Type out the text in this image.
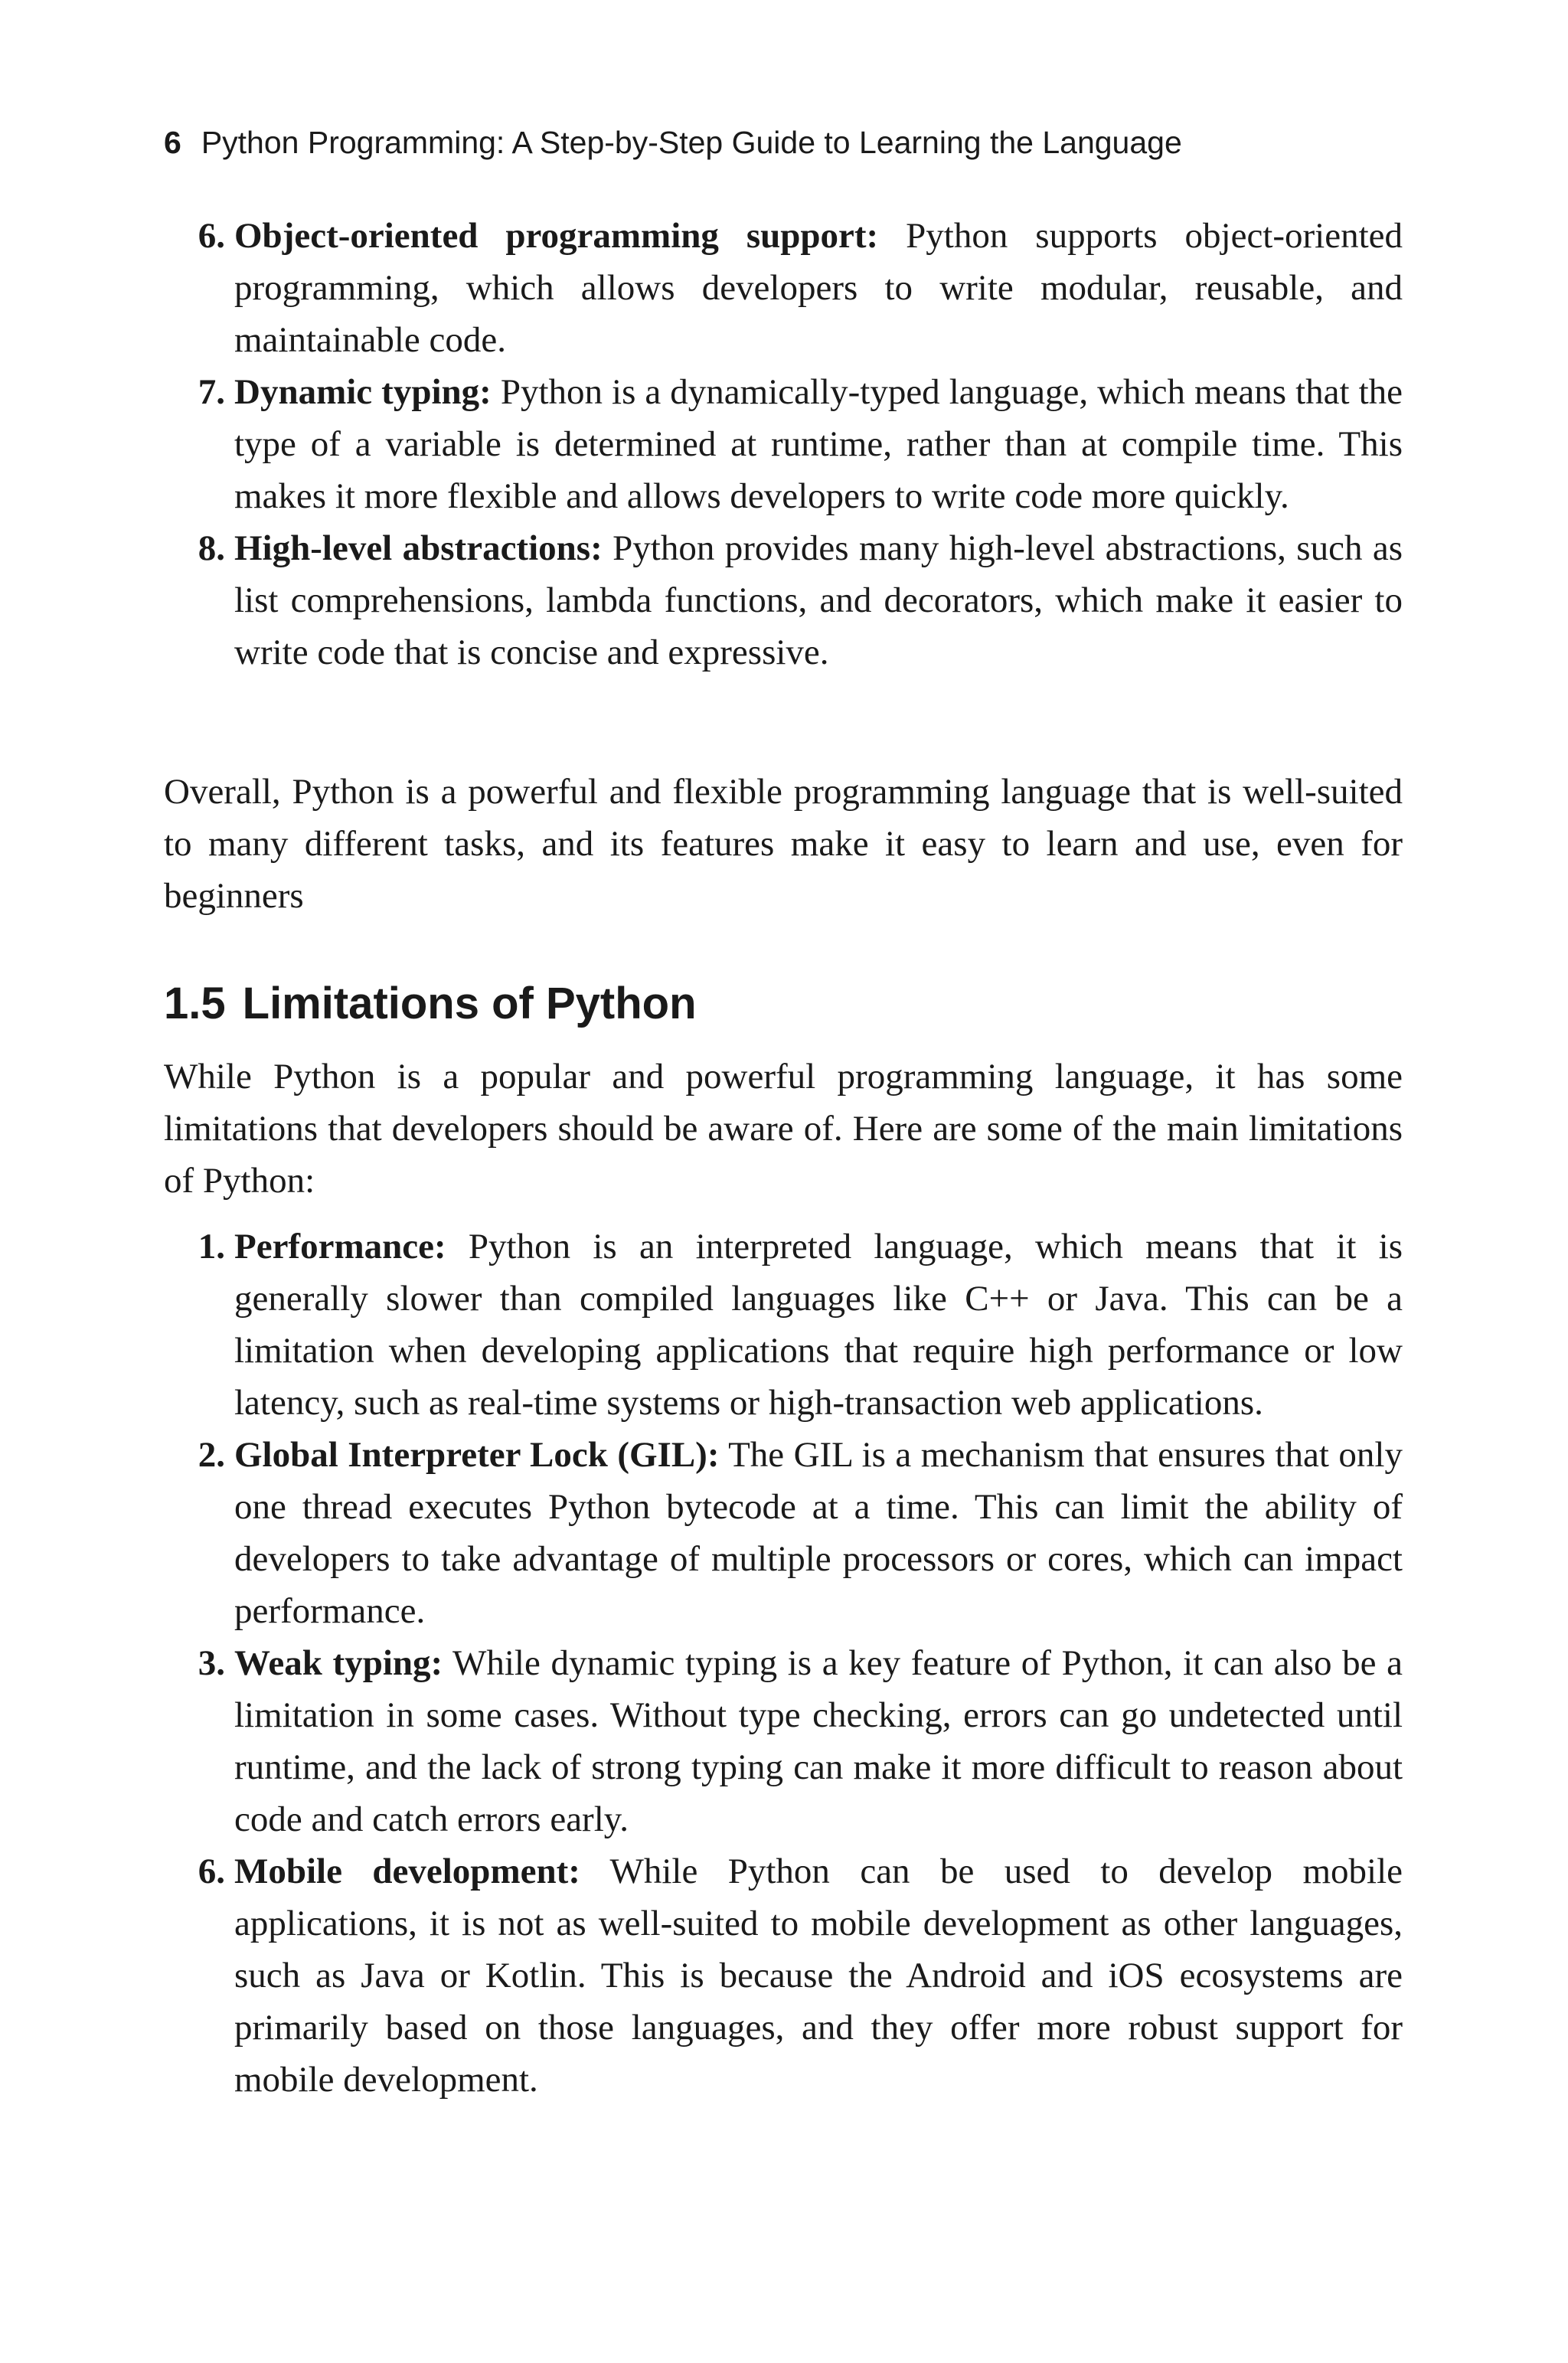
6 Python Programming: A Step-by-Step Guide to Learning the Language
6. Object-oriented programming support: Python supports object-oriented programming, which allows developers to write modular, reusable, and maintainable code.
7. Dynamic typing: Python is a dynamically-typed language, which means that the type of a variable is determined at runtime, rather than at compile time. This makes it more flexible and allows developers to write code more quickly.
8. High-level abstractions: Python provides many high-level abstractions, such as list comprehensions, lambda functions, and decorators, which make it easier to write code that is concise and expressive.

Overall, Python is a powerful and flexible programming language that is well-suited to many different tasks, and its features make it easy to learn and use, even for beginners

1.5 Limitations of Python

While Python is a popular and powerful programming language, it has some limitations that developers should be aware of. Here are some of the main limitations of Python:

1. Performance: Python is an interpreted language, which means that it is generally slower than compiled languages like C++ or Java. This can be a limitation when developing applications that require high performance or low latency, such as real-time systems or high-transaction web applications.
2. Global Interpreter Lock (GIL): The GIL is a mechanism that ensures that only one thread executes Python bytecode at a time. This can limit the ability of developers to take advantage of multiple processors or cores, which can impact performance.
3. Weak typing: While dynamic typing is a key feature of Python, it can also be a limitation in some cases. Without type checking, errors can go undetected until runtime, and the lack of strong typing can make it more difficult to reason about code and catch errors early.
6. Mobile development: While Python can be used to develop mobile applications, it is not as well-suited to mobile development as other languages, such as Java or Kotlin. This is because the Android and iOS ecosystems are primarily based on those languages, and they offer more robust support for mobile development.
